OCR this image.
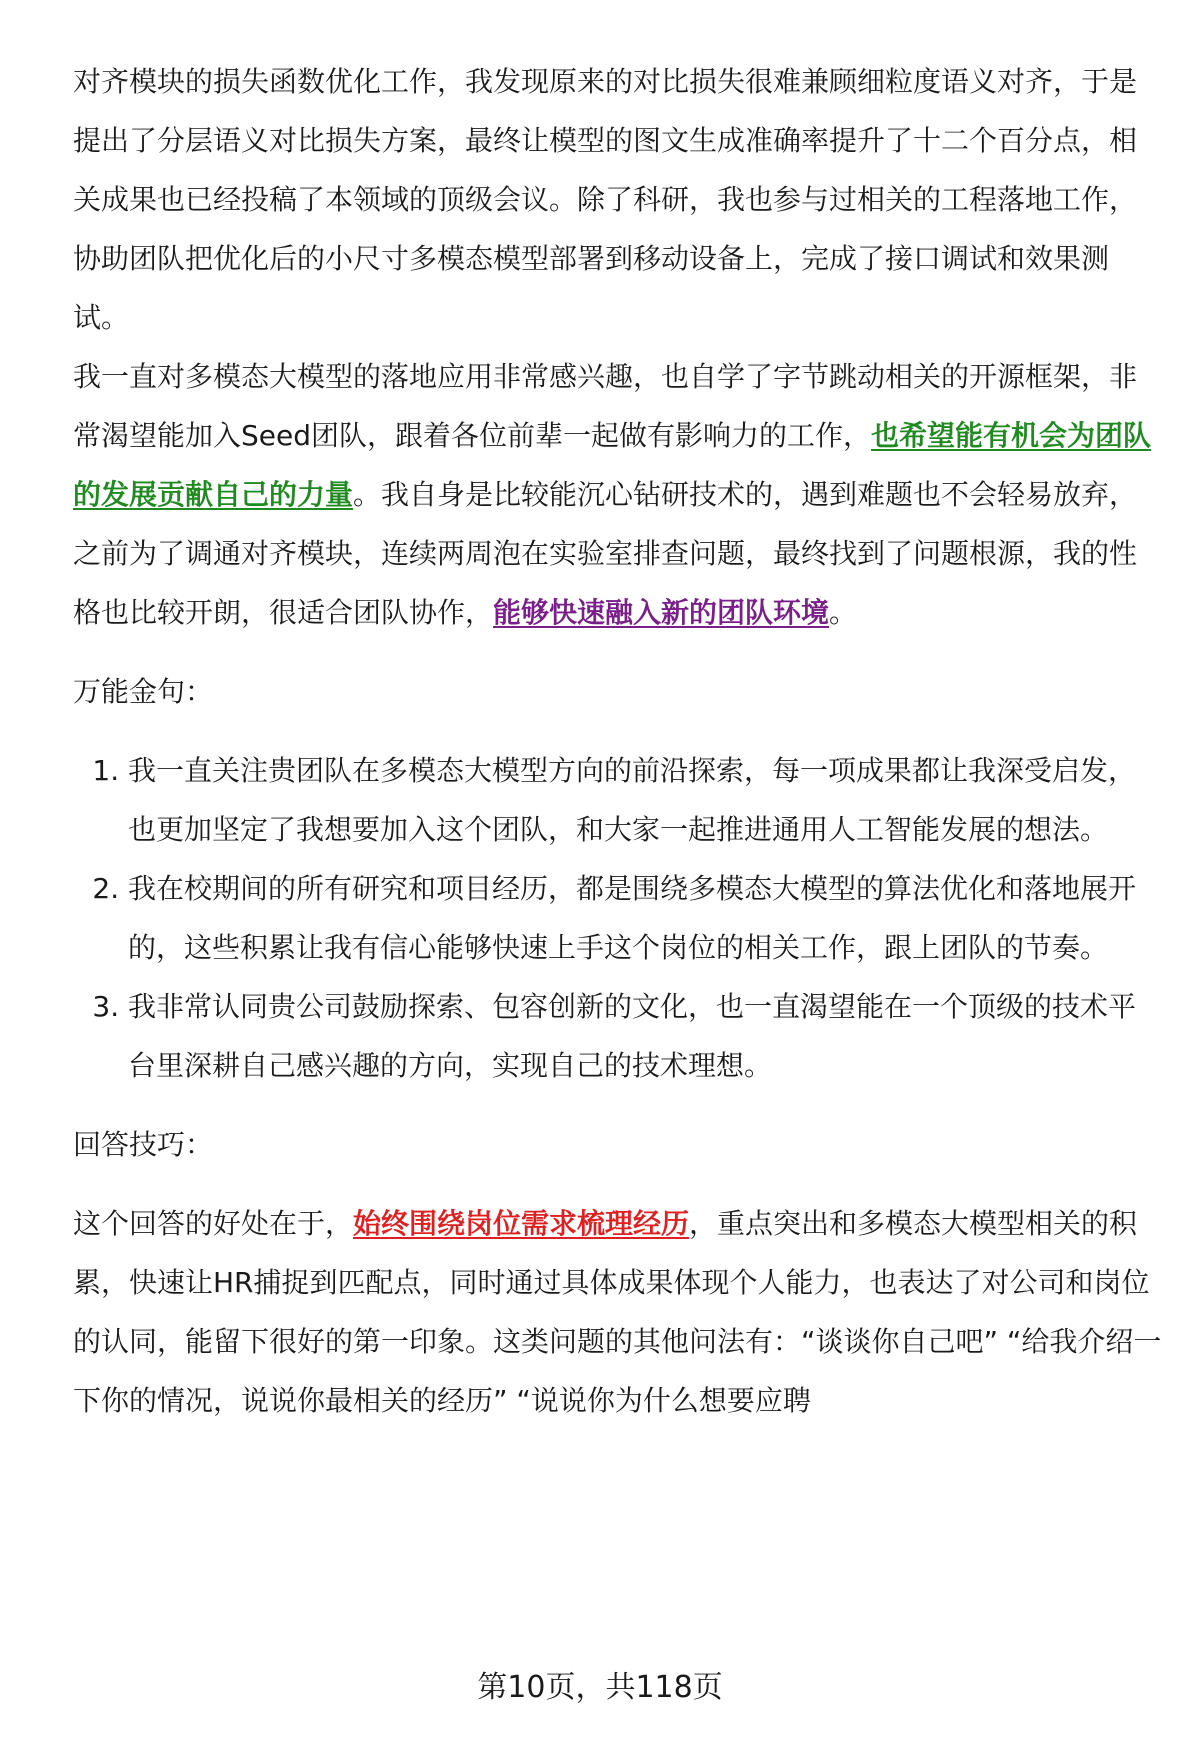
对齐模块的损失函数优化工作，我发现原来的对比损失很难兼顾细粒度语义对齐，于是提出了分层语义对比损失方案，最终让模型的图文生成准确率提升了十二个百分点，相关成果也已经投稿了本领域的顶级会议。除了科研，我也参与过相关的工程落地工作，协助团队把优化后的小尺寸多模态模型部署到移动设备上，完成了接口调试和效果测试。

我一直对多模态大模型的落地应用非常感兴趣，也自学了字节跳动相关的开源框架，非常渴望能加入Seed团队，跟着各位前辈一起做有影响力的工作，也希望能有机会为团队的发展贡献自己的力量。我自身是比较能沉心钻研技术的，遇到难题也不会轻易放弃，之前为了调通对齐模块，连续两周泡在实验室排查问题，最终找到了问题根源，我的性格也比较开朗，很适合团队协作，能够快速融入新的团队环境。

万能金句：

1. 我一直关注贵团队在多模态大模型方向的前沿探索，每一项成果都让我深受启发，也更加坚定了我想要加入这个团队，和大家一起推进通用人工智能发展的想法。
2. 我在校期间的所有研究和项目经历，都是围绕多模态大模型的算法优化和落地展开的，这些积累让我有信心能够快速上手这个岗位的相关工作，跟上团队的节奏。
3. 我非常认同贵公司鼓励探索、包容创新的文化，也一直渴望能在一个顶级的技术平台里深耕自己感兴趣的方向，实现自己的技术理想。

回答技巧：

这个回答的好处在于，始终围绕岗位需求梳理经历，重点突出和多模态大模型相关的积累，快速让HR捕捉到匹配点，同时通过具体成果体现个人能力，也表达了对公司和岗位的认同，能留下很好的第一印象。这类问题的其他问法有：“谈谈你自己吧” “给我介绍一下你的情况，说说你最相关的经历” “说说你为什么想要应聘

第10页，共118页
